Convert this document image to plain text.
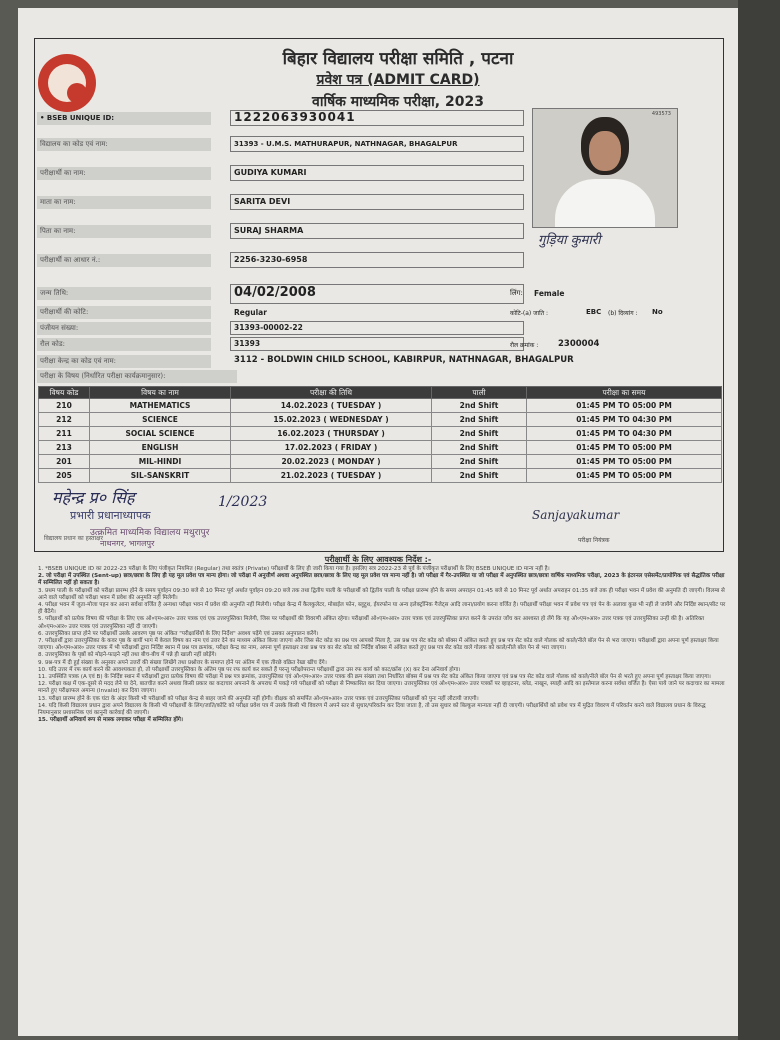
बिहार विद्यालय परीक्षा समिति , पटना
प्रवेश पत्र (ADMIT CARD)
वार्षिक माध्यमिक परीक्षा, 2023
• BSEB UNIQUE ID:	122206393004​1
विद्यालय का कोड एवं नाम:	31393 - U.M.S. MATHURAPUR, NATHNAGAR, BHAGALPUR
परीक्षार्थी का नाम:	GUDIYA KUMARI
माता का नाम:	SARITA DEVI
पिता का नाम:	SURAJ SHARMA
परीक्षार्थी का आधार नं.:	2256-3230-6958
493573
गुड़िया कुमारी
जन्म तिथि:	04/02/2008	लिंग: Female
परीक्षार्थी की कोटि:	Regular	कोटि-(a) जाति :	EBC (b) दिव्यांग : No
पंजीयन संख्या:	31393-00002-22
रौल कोड:	31393	रौल क्रमांक : 2300004
परीक्षा केन्द्र का कोड एवं नाम:	3112 - BOLDWIN CHILD SCHOOL, KABIRPUR, NATHNAGAR, BHAGALPUR
परीक्षा के विषय (निर्धारित परीक्षा कार्यक्रमानुसार):
विषय कोड	विषय का नाम	परीक्षा की तिथि	पाली	परीक्षा का समय
210	MATHEMATICS	14.02.2023 ( TUESDAY )	2nd Shift	01:45 PM TO 05:00 PM
212	SCIENCE	15.02.2023 ( WEDNESDAY )	2nd Shift	01:45 PM TO 04:30 PM
211	SOCIAL SCIENCE	16.02.2023 ( THURSDAY )	2nd Shift	01:45 PM TO 04:30 PM
213	ENGLISH	17.02.2023 ( FRIDAY )	2nd Shift	01:45 PM TO 05:00 PM
201	MIL-HINDI	20.02.2023 ( MONDAY )	2nd Shift	01:45 PM TO 05:00 PM
205	SIL-SANSKRIT	21.02.2023 ( TUESDAY )	2nd Shift	01:45 PM TO 05:00 PM
महेन्द्र प्र० सिंह	1/2023
प्रभारी प्रधानाध्यापक
उत्क्रमित माध्यमिक विद्यालय मथुरापुर
नाथनगर, भागलपुर
विद्यालय प्रधान का हस्ताक्षर
Sanjayakumar
परीक्षा नियंत्रक
परीक्षार्थी के लिए आवश्यक निर्देश :-
1. *BSEB UNIQUE ID का 2022-23 परीक्षा के लिए पंजीकृत नियमित (Regular) तथा स्वतंत्र (Private) परीक्षार्थी के लिए ही जारी किया गया है। इसलिए सत्र 2022-23 से पूर्व के पंजीकृत परीक्षार्थी के लिए BSEB UNIQUE ID मान्य नहीं है।
2. जो परीक्षा में उपस्थित (Sent-up) छात्र/छात्रा के लिए ही यह मूल प्रवेश पत्र मान्य होगा। जो परीक्षा में अनुत्तीर्ण अथवा अनुपस्थित छात्र/छात्रा के लिए यह मूल प्रवेश पत्र मान्य नहीं है। जो परीक्षा में गैर-उपस्थित या जो परीक्षा में अनुपस्थित छात्र/छात्रा वार्षिक माध्यमिक परीक्षा, 2023 के इंटरनल एसेसमेंट/प्रायोगिक एवं सैद्धांतिक परीक्षा में सम्मिलित नहीं हो सकता है।
3. प्रथम पाली के परीक्षार्थी को परीक्षा प्रारम्भ होने के समय पूर्वाहन 09:30 बजे से 10 मिनट पूर्व अर्थात पूर्वाहन 09:20 बजे तक तथा द्वितीय पाली के परीक्षार्थी को द्वितीय पाली के परीक्षा प्रारम्भ होने के समय अपराहन 01:45 बजे से 10 मिनट पूर्व अर्थात अपराहन 01:35 बजे तक ही परीक्षा भवन में प्रवेश की अनुमति दी जाएगी। विलम्ब से आने वाले परीक्षार्थी को परीक्षा भवन में प्रवेश की अनुमति नहीं मिलेगी।
4. परीक्षा भवन में जूता-मोजा पहन कर आना सर्वथा वर्जित है अन्यथा परीक्षा भवन में प्रवेश की अनुमति नहीं मिलेगी। परीक्षा केन्द्र में कैलकुलेटर, मोबाईल फोन, ब्लूटूथ, ईयरफोन या अन्य इलेक्ट्रॉनिक गैजेट्स आदि लाना/प्रयोग करना वर्जित है। परीक्षार्थी परीक्षा भवन में प्रवेश पत्र एवं पेन के अलावा कुछ भी नहीं ले जायेंगे और निर्दिष्ट स्थान/सीट पर ही बैठेंगे।
5. परीक्षार्थी को प्रत्येक विषय की परीक्षा के लिए एक ओ०एम०आर० उत्तर पत्रक एवं एक उत्तरपुस्तिका मिलेगी, जिस पर परीक्षार्थी की विवरणी अंकित रहेगा। परीक्षार्थी ओ०एम०आर० उत्तर पत्रक एवं उत्तरपुस्तिका प्राप्त करने के उपरांत जाँच कर आश्वस्त हो लेंगे कि यह ओ०एम०आर० उत्तर पत्रक एवं उत्तरपुस्तिका उन्हीं की है। अतिरिक्त ओ०एम०आर० उत्तर पत्रक एवं उत्तरपुस्तिका नहीं दी जाएगी।
6. उत्तरपुस्तिका प्राप्त होने पर परीक्षार्थी उसके आवरण पृष्ठ पर अंकित "परीक्षार्थियों के लिए निर्देश" अवश्य पढ़ेंगे एवं उसका अनुपालन करेंगे।
7. परीक्षार्थी द्वारा उत्तरपुस्तिका के कवर पृष्ठ के बायीं भाग में केवल विषय का नाम एवं उत्तर देने का माध्यम अंकित किया जाएगा और जिस सेट कोड का प्रश्न पत्र आपको मिला है, उस प्रश्न पत्र सेट कोड को बॉक्स में अंकित करते हुए प्रश्न पत्र सेट कोड वाले गोलक को काले/नीले बॉल पेन से भरा जाएगा। परीक्षार्थी द्वारा अपना पूर्ण हस्ताक्षर किया जाएगा। ओ०एम०आर० उत्तर पत्रक में भी परीक्षार्थी द्वारा निर्दिष्ट स्थान में प्रश्न पत्र क्रमांक, परीक्षा केन्द्र का नाम, अपना पूर्ण हस्ताक्षर तथा प्रश्न पत्र का सेट कोड को निर्दिष्ट बॉक्स में अंकित करते हुए प्रश्न पत्र सेट कोड वाले गोलक को काले/नीले बॉल पेन से भरा जाएगा।
8. उत्तरपुस्तिका के पृष्ठों को मोड़ने-फाड़ने नहीं तथा बीच-बीच में पन्ने ही खाली नहीं छोड़ेंगे।
9. प्रश्न-पत्र में दी हुई संख्या के अनुसार अपने उत्तरों की संख्या लिखेंगे तथा प्रश्नोत्तर के समाप्त होने पर अंतिम में एक तीरछे वक्रित रेखा खींच देंगे।
10. यदि उत्तर में रफ कार्य करने की आवश्यकता हो, तो परीक्षार्थी उत्तरपुस्तिका के अंतिम पृष्ठ पर रफ कार्य कर सकते हैं परन्तु परीक्षोपरान्त परीक्षार्थी द्वारा उस रफ कार्य को काट/क्रॉस (X) कर देना अनिवार्य होगा।
11. उपस्थिति पत्रक (A एवं B) के निर्दिष्ट स्थान में परीक्षार्थी द्वारा प्रत्येक विषय की परीक्षा में प्रश्न पत्र क्रमांक, उत्तरपुस्तिका एवं ओ०एम०आर० उत्तर पत्रक की क्रम संख्या तथा निर्धारित बॉक्स में प्रश्न पत्र सेट कोड अंकित किया जाएगा एवं प्रश्न पत्र सेट कोड वाले गोलक को काले/नीले बॉल पेन से भरते हुए अपना पूर्ण हस्ताक्षर किया जाएगा।
12. परीक्षा कक्ष में एक-दूसरे से मदद लेने या देने, बातचीत करने अथवा किसी प्रकार का कदाचार अपनाने के अपराध में पकड़े गये परीक्षार्थी को परीक्षा से निष्कासित कर दिया जाएगा। उत्तरपुस्तिका एवं ओ०एम०आर० उत्तर पत्रकों पर व्हाइटनर, ब्लेड, नाखून, स्याही आदि का इस्तेमाल करना सर्वथा वर्जित है। ऐसा पाये जाने पर कदाचार का मामला मानते हुए परीक्षाफल अमान्य (Invalid) कर दिया जाएगा।
13. परीक्षा प्रारम्भ होने के एक घंटा के अंदर किसी भी परीक्षार्थी को परीक्षा केन्द्र से बाहर जाने की अनुमति नहीं होगी। वीक्षक को समर्पित ओ०एम०आर० उत्तर पत्रक एवं उत्तरपुस्तिका परीक्षार्थी को पुनः नहीं लौटायी जाएगी।
14. यदि किसी विद्यालय प्रधान द्वारा अपने विद्यालय के किसी भी परीक्षार्थी के लिंग/जाति/कोटि को परीक्षा प्रवेश पत्र में उसके किसी भी विवरण में अपने स्तर से सुधार/परिवर्तन कर दिया जाता है, तो उस सुधार को बिल्कुल मान्यता नहीं दी जाएगी। परीक्षार्थियों को प्रवेश पत्र में मुद्रित विवरण में परिवर्तन करने वाले विद्यालय प्रधान के विरुद्ध नियमानुसार प्रशासनिक एवं कानूनी कार्रवाई की जाएगी।
15. परीक्षार्थी अनिवार्य रूप से मास्क लगाकर परीक्षा में सम्मिलित होंगे।
